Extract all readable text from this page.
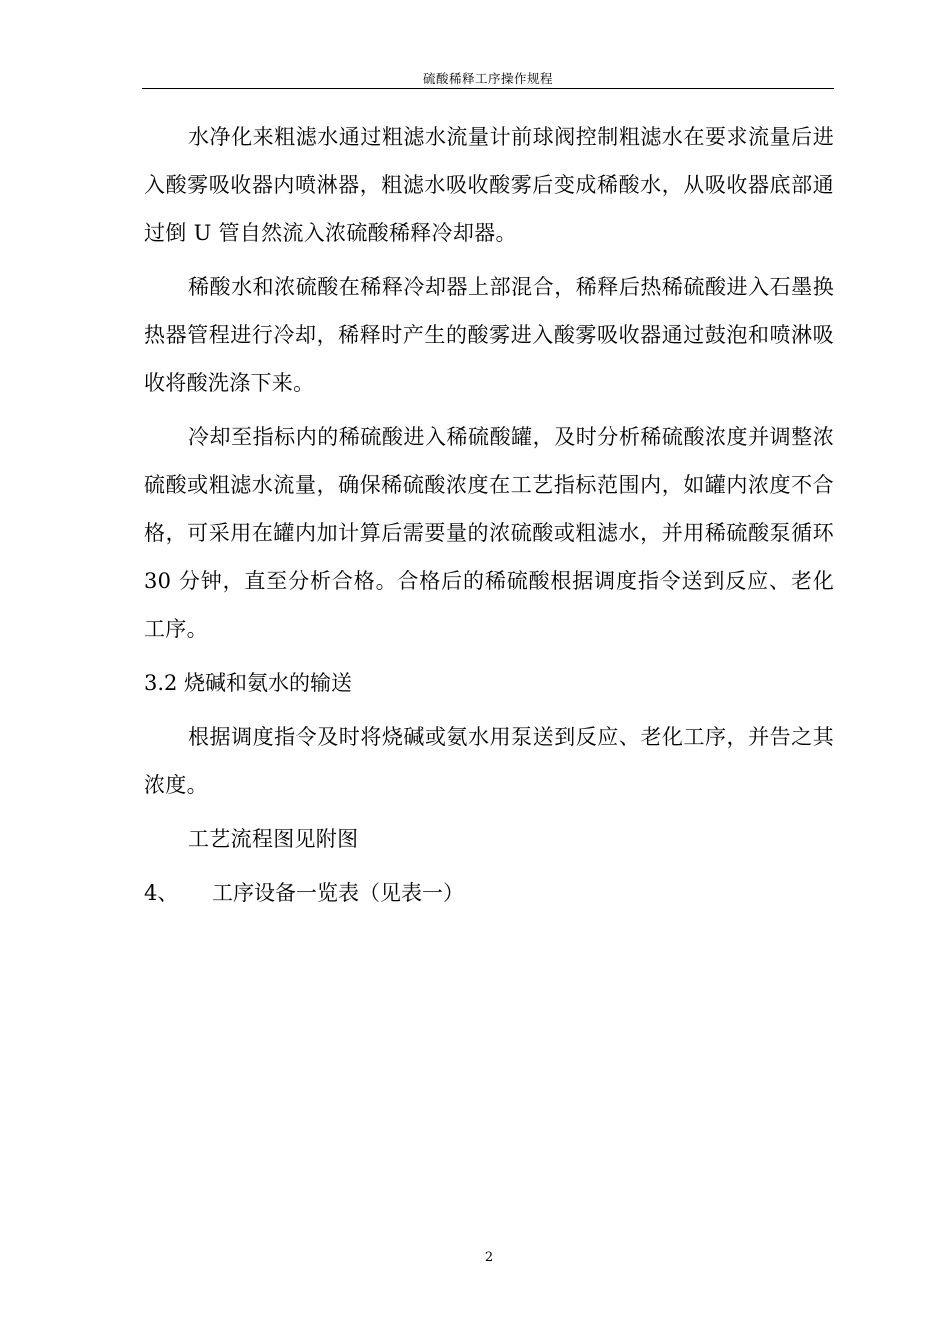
硫酸稀释工序操作规程

水净化来粗滤水通过粗滤水流量计前球阀控制粗滤水在要求流量后进入酸雾吸收器内喷淋器，粗滤水吸收酸雾后变成稀酸水，从吸收器底部通过倒 U 管自然流入浓硫酸稀释冷却器。

稀酸水和浓硫酸在稀释冷却器上部混合，稀释后热稀硫酸进入石墨换热器管程进行冷却，稀释时产生的酸雾进入酸雾吸收器通过鼓泡和喷淋吸收将酸洗涤下来。

冷却至指标内的稀硫酸进入稀硫酸罐，及时分析稀硫酸浓度并调整浓硫酸或粗滤水流量，确保稀硫酸浓度在工艺指标范围内，如罐内浓度不合格，可采用在罐内加计算后需要量的浓硫酸或粗滤水，并用稀硫酸泵循环 30 分钟，直至分析合格。合格后的稀硫酸根据调度指令送到反应、老化工序。

3.2 烧碱和氨水的输送

根据调度指令及时将烧碱或氨水用泵送到反应、老化工序，并告之其浓度。

工艺流程图见附图

4、 工序设备一览表（见表一）

2
